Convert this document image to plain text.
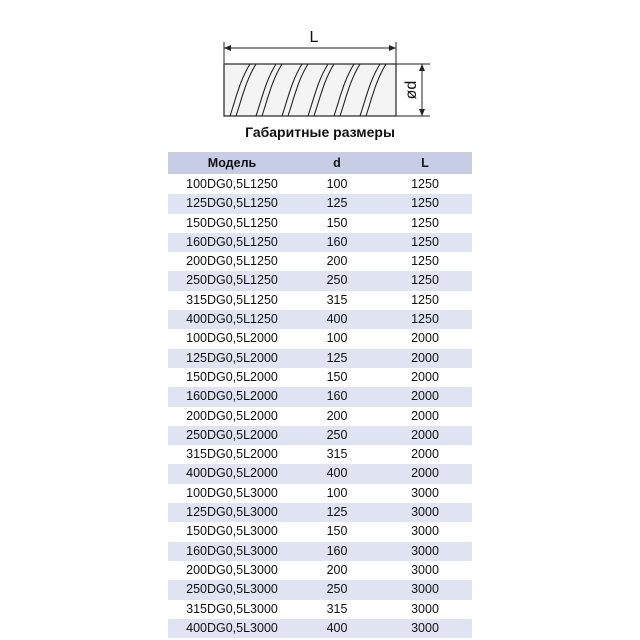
L
ød
Габаритные размеры
Модель	d	L
100DG0,5L1250	100	1250
125DG0,5L1250	125	1250
150DG0,5L1250	150	1250
160DG0,5L1250	160	1250
200DG0,5L1250	200	1250
250DG0,5L1250	250	1250
315DG0,5L1250	315	1250
400DG0,5L1250	400	1250
100DG0,5L2000	100	2000
125DG0,5L2000	125	2000
150DG0,5L2000	150	2000
160DG0,5L2000	160	2000
200DG0,5L2000	200	2000
250DG0,5L2000	250	2000
315DG0,5L2000	315	2000
400DG0,5L2000	400	2000
100DG0,5L3000	100	3000
125DG0,5L3000	125	3000
150DG0,5L3000	150	3000
160DG0,5L3000	160	3000
200DG0,5L3000	200	3000
250DG0,5L3000	250	3000
315DG0,5L3000	315	3000
400DG0,5L3000	400	3000
